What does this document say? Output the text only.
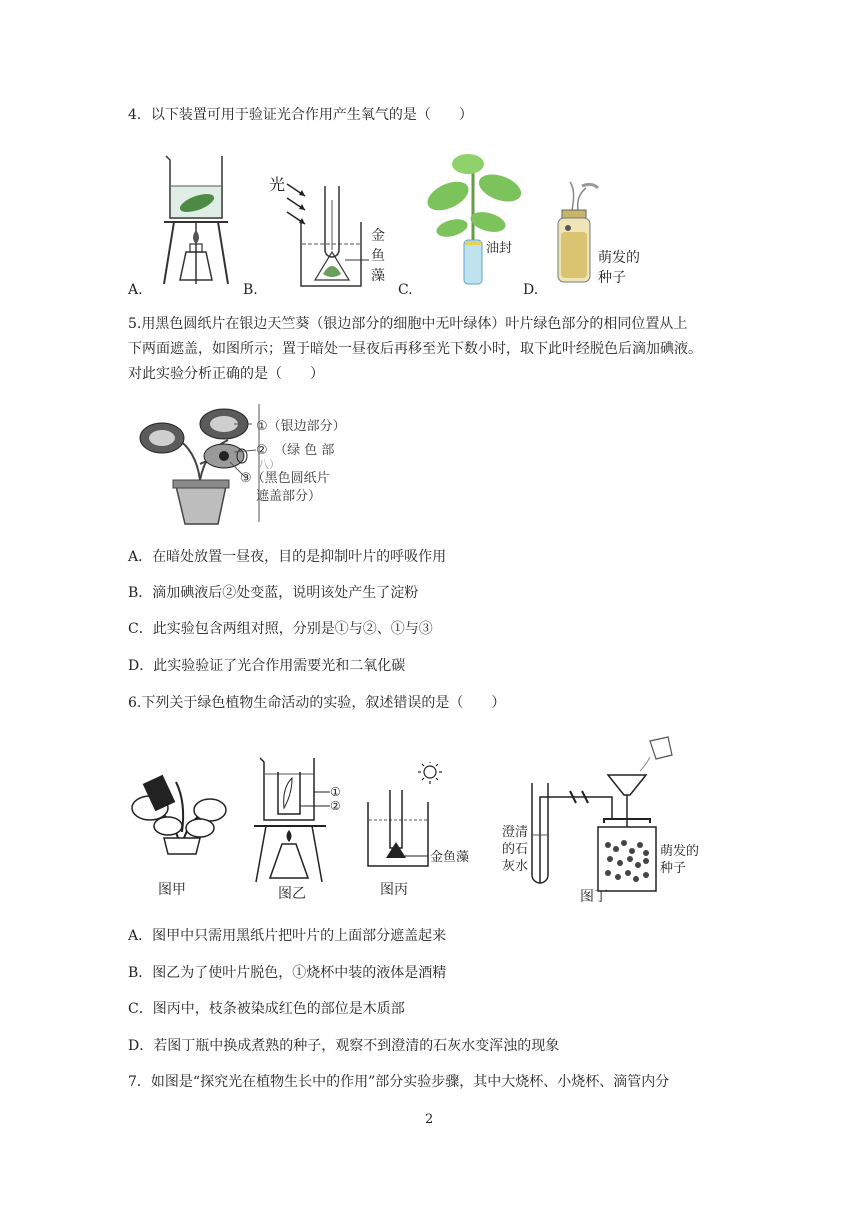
4．以下装置可用于验证光合作用产生氧气的是（　　）
A.
光
金
鱼
藻
B.
油封
C.
萌发的
种子
D.
5.用黑色圆纸片在银边天竺葵（银边部分的细胞中无叶绿体）叶片绿色部分的相同位置从上
下两面遮盖，如图所示；置于暗处一昼夜后再移至光下数小时，取下此叶经脱色后滴加碘液。
对此实验分析正确的是（　　）
①（银边部分）
②　（绿 色 部
八）
③（黑色圆纸片
遮盖部分）
A．在暗处放置一昼夜，目的是抑制叶片的呼吸作用
B．滴加碘液后②处变蓝，说明该处产生了淀粉
C．此实验包含两组对照，分别是①与②、①与③
D．此实验验证了光合作用需要光和二氧化碳
6.下列关于绿色植物生命活动的实验，叙述错误的是（　　）
图甲
①
②
图乙
金鱼藻
图丙
澄清
的石
灰水
萌发的
种子
图丁
A．图甲中只需用黑纸片把叶片的上面部分遮盖起来
B．图乙为了使叶片脱色，①烧杯中装的液体是酒精
C．图丙中，枝条被染成红色的部位是木质部
D．若图丁瓶中换成煮熟的种子，观察不到澄清的石灰水变浑浊的现象
7．如图是“探究光在植物生长中的作用”部分实验步骤，其中大烧杯、小烧杯、滴管内分
2
